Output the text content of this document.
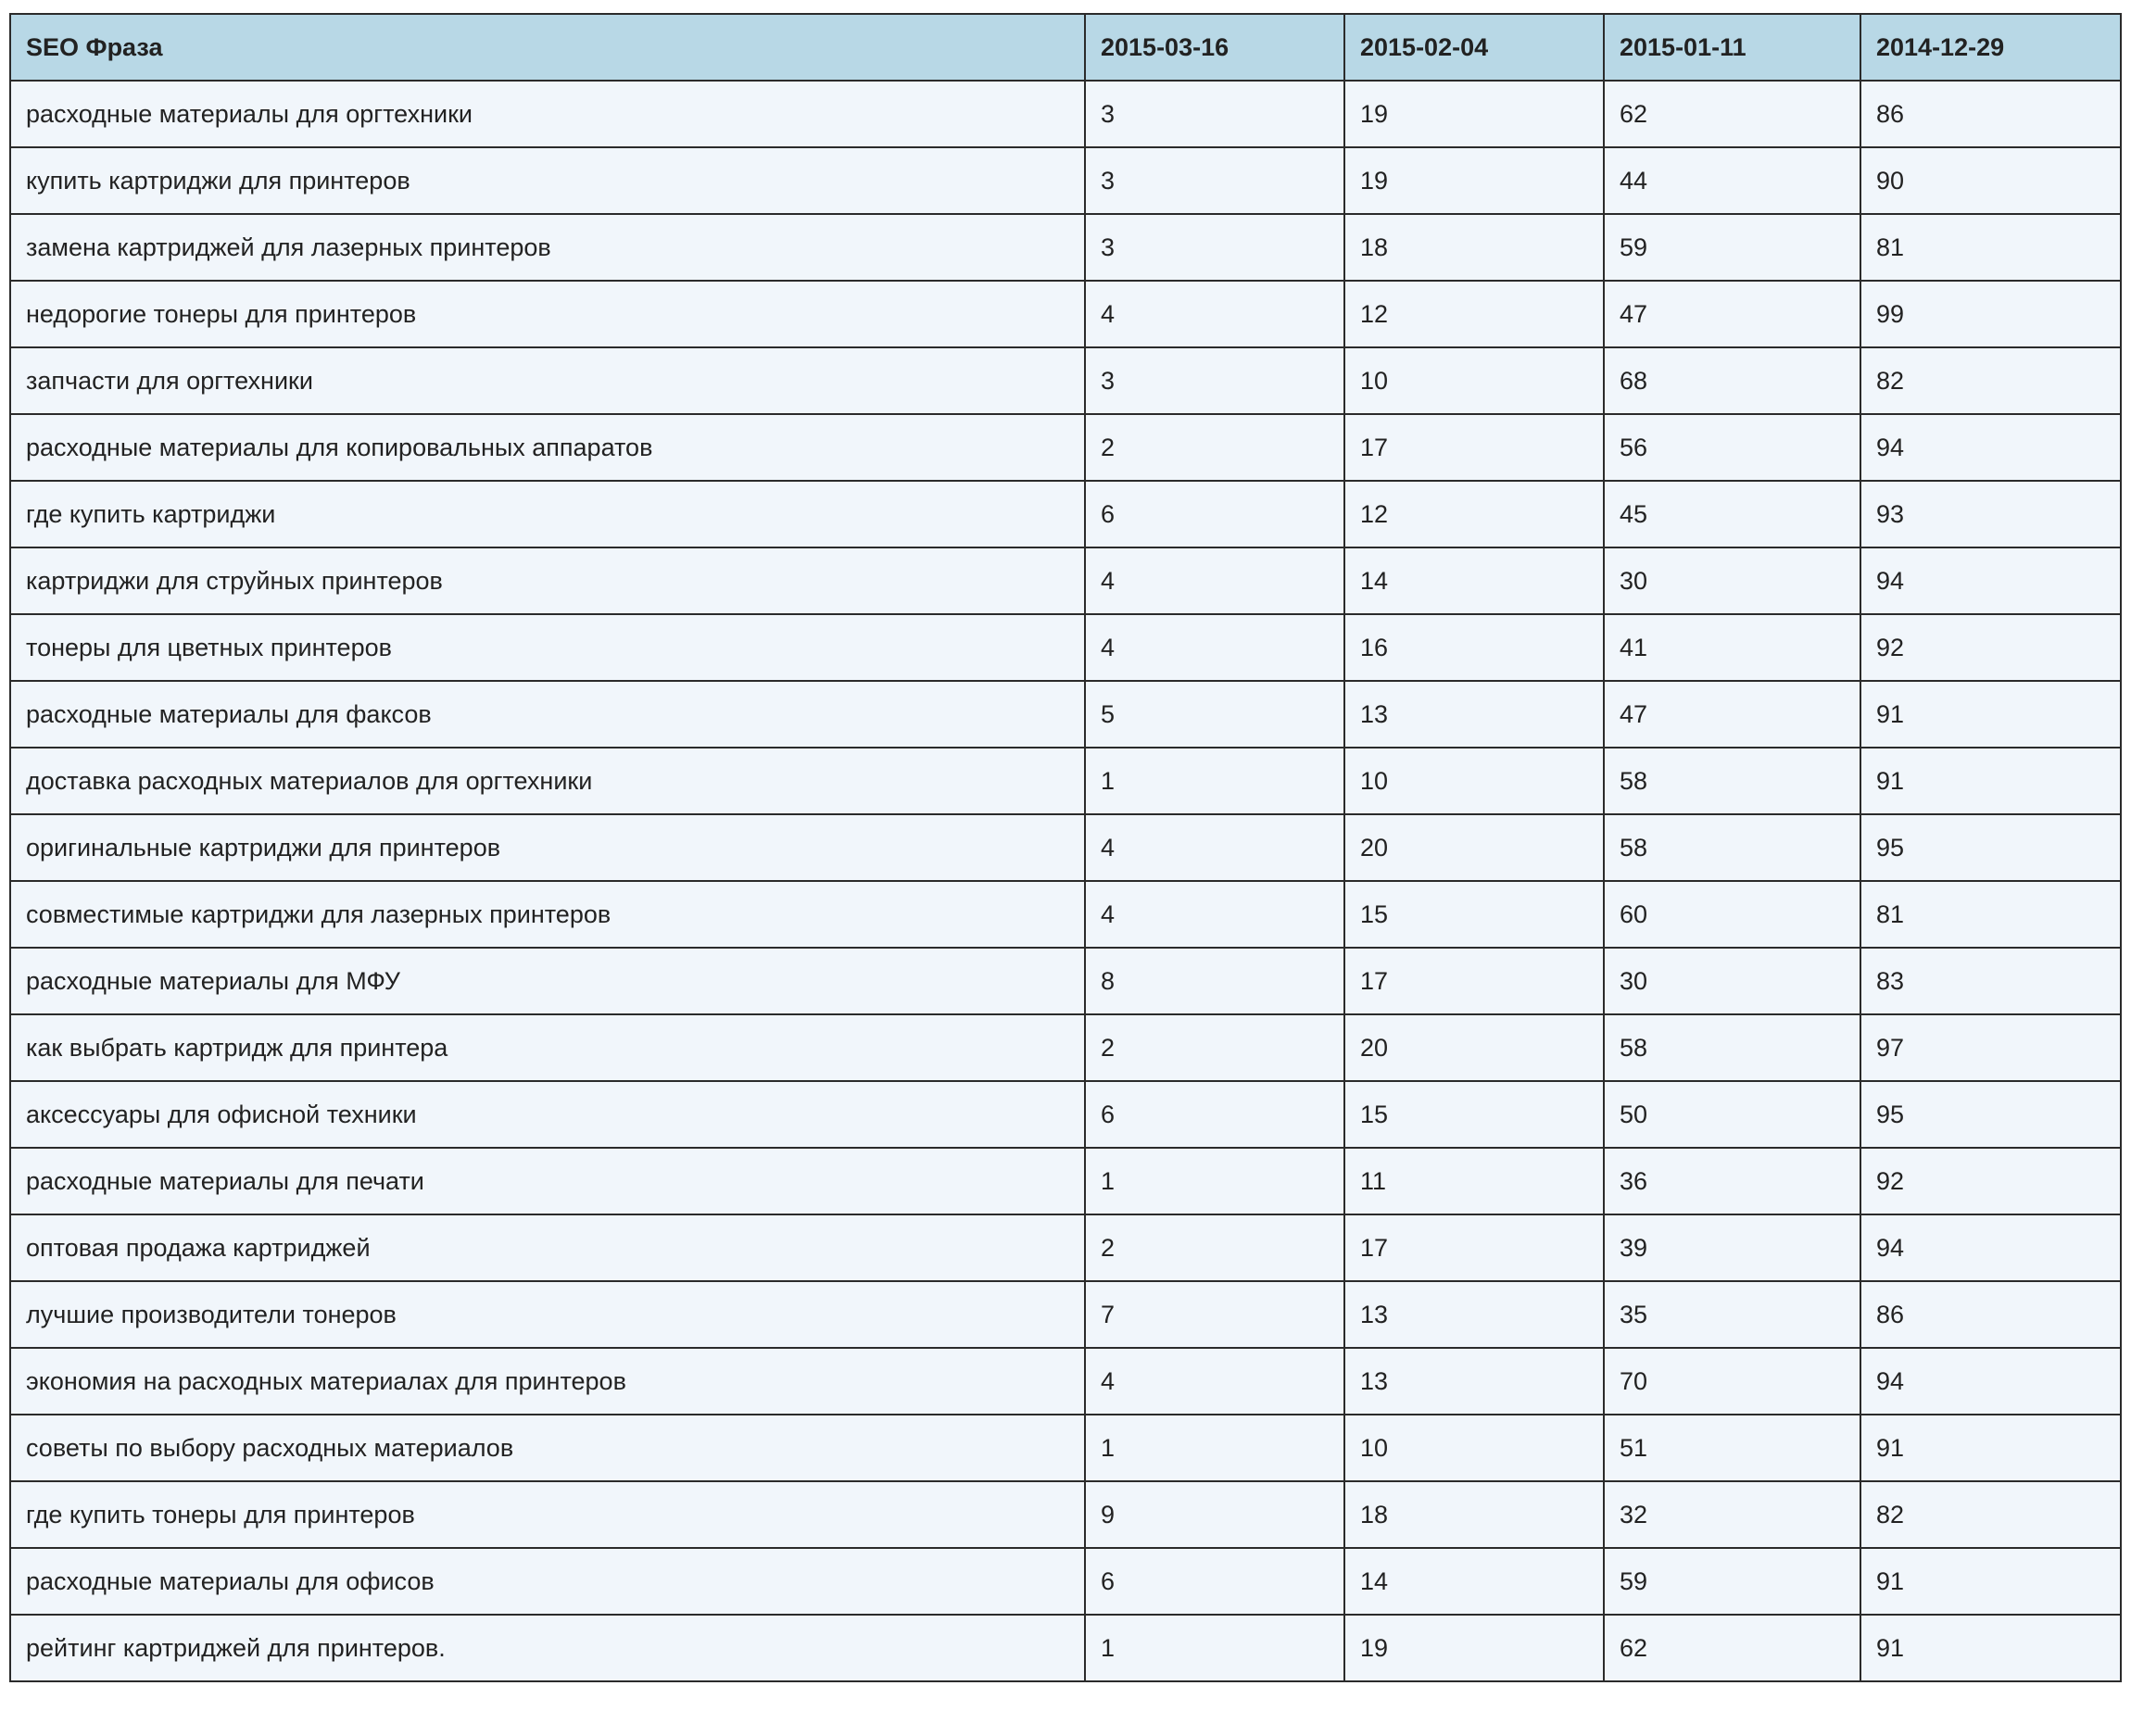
SEO Фраза	2015-03-16	2015-02-04	2015-01-11	2014-12-29
расходные материалы для оргтехники	3	19	62	86
купить картриджи для принтеров	3	19	44	90
замена картриджей для лазерных принтеров	3	18	59	81
недорогие тонеры для принтеров	4	12	47	99
запчасти для оргтехники	3	10	68	82
расходные материалы для копировальных аппаратов	2	17	56	94
где купить картриджи	6	12	45	93
картриджи для струйных принтеров	4	14	30	94
тонеры для цветных принтеров	4	16	41	92
расходные материалы для факсов	5	13	47	91
доставка расходных материалов для оргтехники	1	10	58	91
оригинальные картриджи для принтеров	4	20	58	95
совместимые картриджи для лазерных принтеров	4	15	60	81
расходные материалы для МФУ	8	17	30	83
как выбрать картридж для принтера	2	20	58	97
аксессуары для офисной техники	6	15	50	95
расходные материалы для печати	1	11	36	92
оптовая продажа картриджей	2	17	39	94
лучшие производители тонеров	7	13	35	86
экономия на расходных материалах для принтеров	4	13	70	94
советы по выбору расходных материалов	1	10	51	91
где купить тонеры для принтеров	9	18	32	82
расходные материалы для офисов	6	14	59	91
рейтинг картриджей для принтеров.	1	19	62	91
